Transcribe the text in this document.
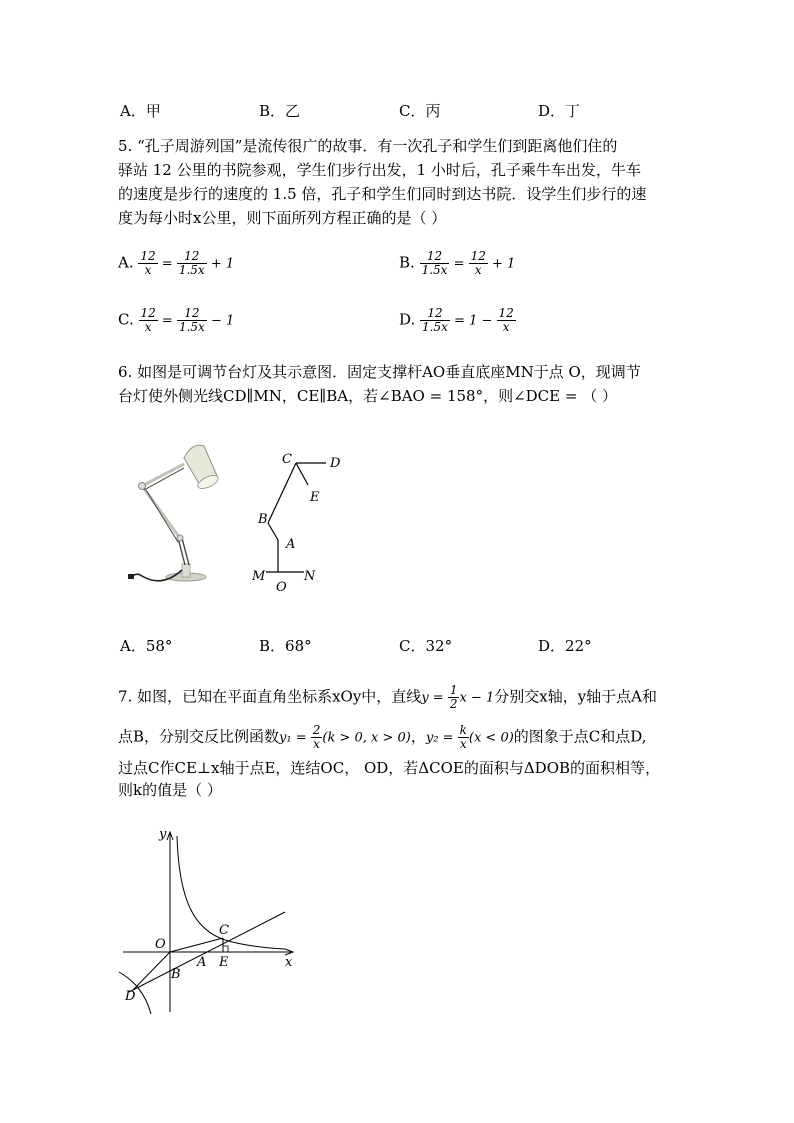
A．甲	B．乙	C．丙	D．丁
5. “孔子周游列国”是流传很广的故事．有一次孔子和学生们到距离他们住的
驿站 12 公里的书院参观，学生们步行出发，1 小时后，孔子乘牛车出发，牛车
的速度是步行的速度的 1.5 倍，孔子和学生们同时到达书院．设学生们步行的速
度为每小时x公里，则下面所列方程正确的是（ ）
A. $\frac{12}{x} = \frac{12}{1.5x} + 1$	B. $\frac{12}{1.5x} = \frac{12}{x} + 1$
C. $\frac{12}{x} = \frac{12}{1.5x} - 1$	D. $\frac{12}{1.5x} = 1 - \frac{12}{x}$
6. 如图是可调节台灯及其示意图．固定支撑杆AO垂直底座MN于点 O，现调节
台灯使外侧光线CD∥MN，CE∥BA，若∠BAO = 158°，则∠DCE = （ ）
C	D
E
B
A
M
O
N
A．58°	B．68°	C．32°	D．22°
7. 如图，已知在平面直角坐标系xOy中，直线$y = \frac{1}{2}$ x − 1分别交x轴，y轴于点A和
点B，分别交反比例函数$y_1 = \frac{2}{x} (k > 0$, x > 0)，$y_2 = \frac{k}{x} (x < 0)$的图象于点C和点D,
过点C作CE⊥x轴于点E，连结OC， OD，若ΔCOE的面积与ΔDOB的面积相等，
则k的值是（ ）
y
O
C
A E	x
B
D
